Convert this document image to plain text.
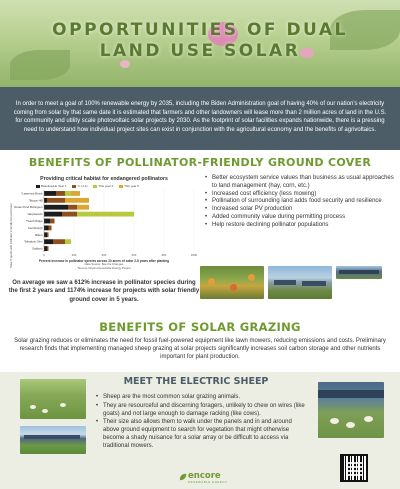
OPPORTUNITIES OF DUAL
LAND USE SOLAR

In order to meet a goal of 100% renewable energy by 2035, including the Biden Administration goal of having 40% of our nation's electricity coming from solar by that same date it is estimated that farmers and other landowners will lease more than 2 million acres of land in the U.S. for community and utility scale photovoltaic solar projects by 2030. As the footprint of solar facilities expands nationwide, there is a pressing need to understand how individual project sites can exist in conjunction with the agricultural economy and the benefits of agrivoltaics.

BENEFITS OF POLLINATOR-FRIENDLY GROUND COVER
Providing critical habitat for endangered pollinators
Baseline/Ho Year 1	Yr (1-1)	This year 4	This year 5
Solar Projects with Pollinator-Friendly Ground Cover	0	200	400	600	800	1000
*Lawrence Brook
*Bogue Hill
Route Pond Burlington
Harpswords
*South Ridge
Ferrisburgh
Milton
*Meadow Glen
Sudbury
Percent increase in pollinator species across 10 acres of solar 2-5 years after planting
Data Source: Bee the Changes
*Encore Vinyan Renewable Energy Project
On average we saw a 612% increase in pollinator species during the first 2 years and 1174% increase for projects with solar friendly ground cover in 5 years.
• Better ecosystem service values than business as usual approaches to land management (hay, corn, etc.)
• Increased cost efficiency (less mowing)
• Pollination of surrounding land adds food security and resilience
• Increased solar PV production
• Added community value during permitting process
• Help restore declining pollinator populations
BENEFITS OF SOLAR GRAZING
Solar grazing reduces or eliminates the need for fossil fuel-powered equipment like lawn mowers, reducing emissions and costs. Preliminary research finds that implementing managed sheep grazing at solar projects significantly increases soil carbon storage and other nutrients important for plant production.
MEET THE ELECTRIC SHEEP
• Sheep are the most common solar grazing animals.
• They are resourceful and discerning foragers, unlikely to chew on wires (like goats) and not large enough to damage racking (like cows).
• Their size also allows them to walk under the panels and in and around above ground equipment to search for vegetation that might otherwise become a shady nuisance for a solar array or be difficult to access via traditional mowers.
encore
RENEWABLE ENERGY
